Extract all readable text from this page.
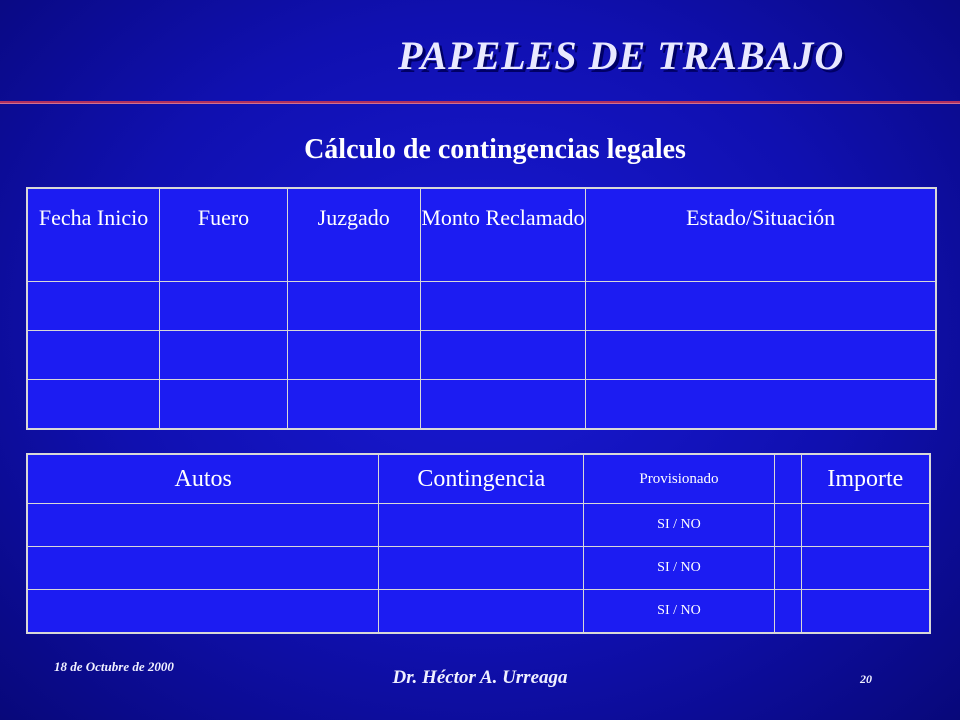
PAPELES DE TRABAJO
Cálculo de contingencias legales
Fecha Inicio	Fuero	Juzgado	Monto Reclamado	Estado/Situación

Autos	Contingencia	Provisionado		Importe
		SI / NO		
		SI / NO		
		SI / NO		
18 de Octubre de 2000
Dr. Héctor A. Urreaga	20
